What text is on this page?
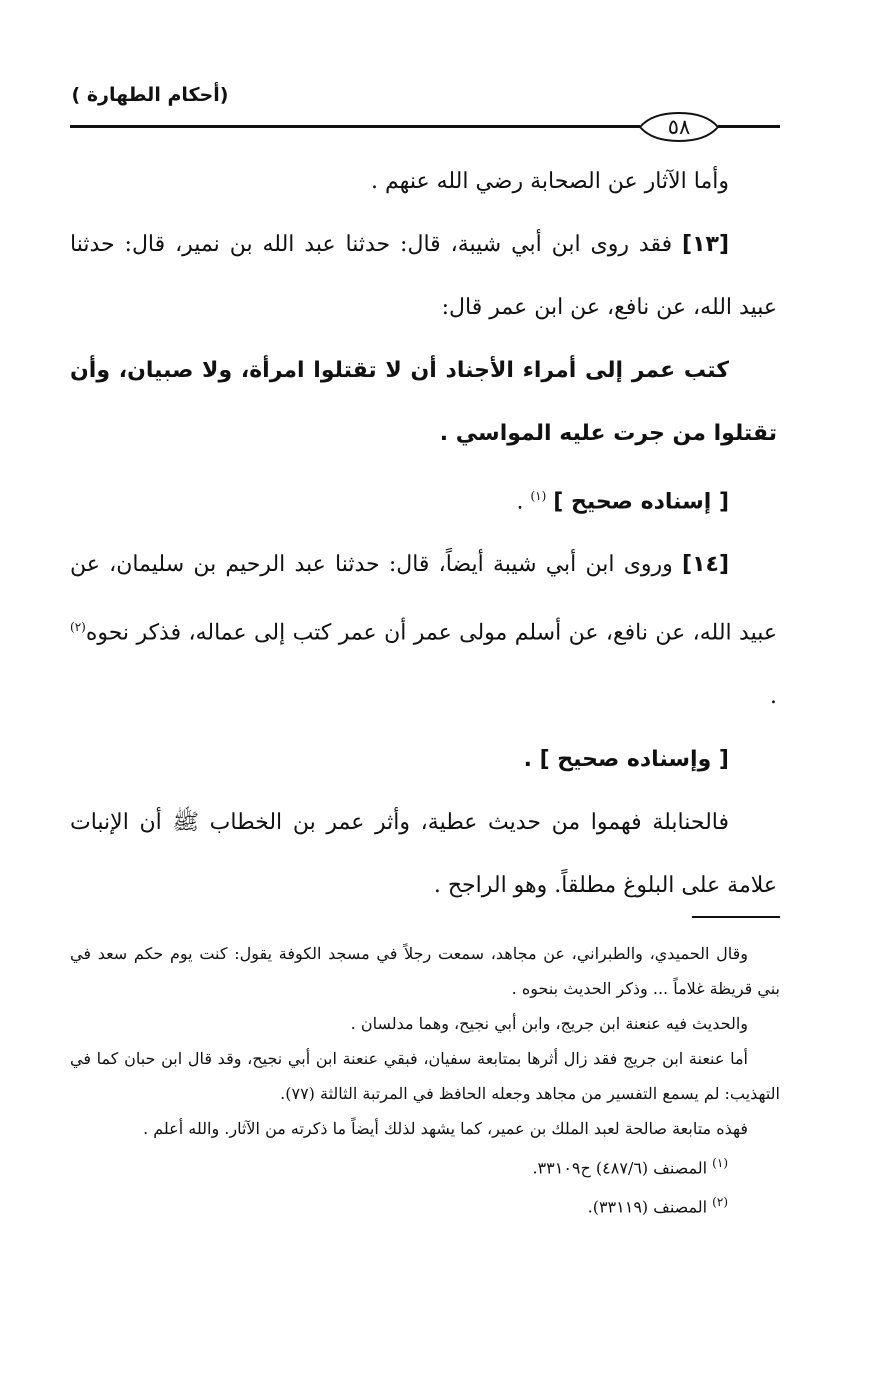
(أحكام الطهارة )
٥٨

وأما الآثار عن الصحابة رضي الله عنهم .

[١٣] فقد روى ابن أبي شيبة، قال: حدثنا عبد الله بن نمير، قال: حدثنا عبيد الله، عن نافع، عن ابن عمر قال:

كتب عمر إلى أمراء الأجناد أن لا تقتلوا امرأة، ولا صبيان، وأن تقتلوا من جرت عليه المواسي .

[ إسناده صحيح ] $^{(١)}$ .

[١٤] وروى ابن أبي شيبة أيضاً، قال: حدثنا عبد الرحيم بن سليمان، عن عبيد الله، عن نافع، عن أسلم مولى عمر أن عمر كتب إلى عماله، فذكر نحوه$^{(٢)}$ .

[ وإسناده صحيح ] .

فالحنابلة فهموا من حديث عطية، وأثر عمر بن الخطاب ﷺ أن الإنبات علامة على البلوغ مطلقاً. وهو الراجح .

وقال الحميدي، والطبراني، عن مجاهد، سمعت رجلاً في مسجد الكوفة يقول: كنت يوم حكم سعد في بني قريظة غلاماً ... وذكر الحديث بنحوه .

والحديث فيه عنعنة ابن جريج، وابن أبي نجيح، وهما مدلسان .

أما عنعنة ابن جريج فقد زال أثرها بمتابعة سفيان، فبقي عنعنة ابن أبي نجيح، وقد قال ابن حبان كما في التهذيب: لم يسمع التفسير من مجاهد وجعله الحافظ في المرتبة الثالثة (٧٧).

فهذه متابعة صالحة لعبد الملك بن عمير، كما يشهد لذلك أيضاً ما ذكرته من الآثار. والله أعلم .

$^{(١)}$ المصنف (٤٨٧/٦) ح٣٣١٠٩.

$^{(٢)}$ المصنف (٣٣١١٩).
